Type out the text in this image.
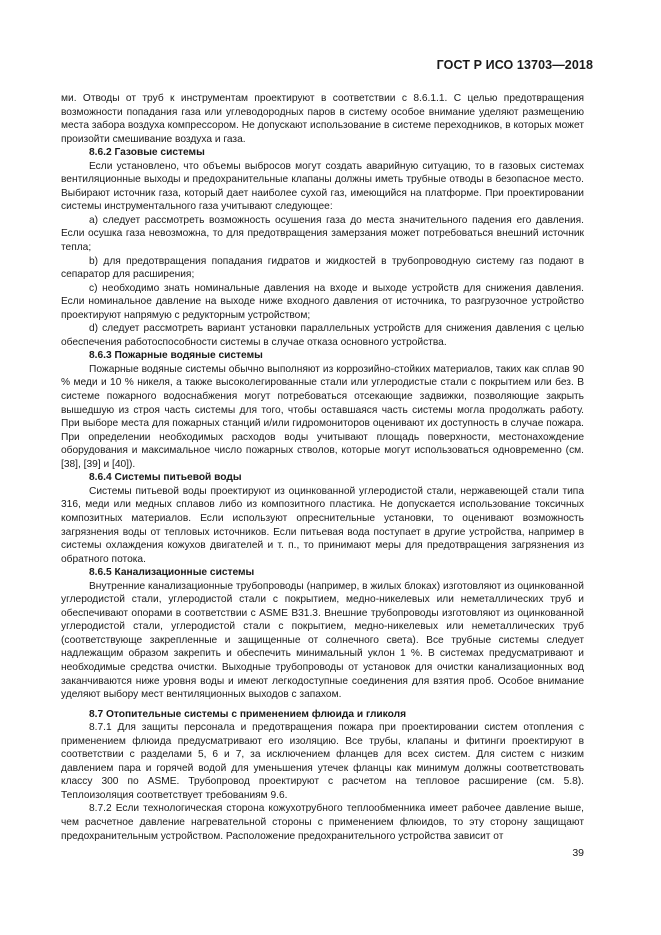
ГОСТ Р ИСО 13703—2018

ми. Отводы от труб к инструментам проектируют в соответствии с 8.6.1.1. С целью предотвращения возможности попадания газа или углеводородных паров в систему особое внимание уделяют размещению места забора воздуха компрессором. Не допускают использование в системе переходников, в которых может произойти смешивание воздуха и газа.

8.6.2 Газовые системы

Если установлено, что объемы выбросов могут создать аварийную ситуацию, то в газовых системах вентиляционные выходы и предохранительные клапаны должны иметь трубные отводы в безопасное место. Выбирают источник газа, который дает наиболее сухой газ, имеющийся на платформе. При проектировании системы инструментального газа учитывают следующее:

a) следует рассмотреть возможность осушения газа до места значительного падения его давления. Если осушка газа невозможна, то для предотвращения замерзания может потребоваться внешний источник тепла;

b) для предотвращения попадания гидратов и жидкостей в трубопроводную систему газ подают в сепаратор для расширения;

c) необходимо знать номинальные давления на входе и выходе устройств для снижения давления. Если номинальное давление на выходе ниже входного давления от источника, то разгрузочное устройство проектируют напрямую с редукторным устройством;

d) следует рассмотреть вариант установки параллельных устройств для снижения давления с целью обеспечения работоспособности системы в случае отказа основного устройства.

8.6.3 Пожарные водяные системы

Пожарные водяные системы обычно выполняют из коррозийно-стойких материалов, таких как сплав 90 % меди и 10 % никеля, а также высоколегированные стали или углеродистые стали с покрытием или без. В системе пожарного водоснабжения могут потребоваться отсекающие задвижки, позволяющие закрыть вышедшую из строя часть системы для того, чтобы оставшаяся часть системы могла продолжать работу. При выборе места для пожарных станций и/или гидромониторов оценивают их доступность в случае пожара. При определении необходимых расходов воды учитывают площадь поверхности, местонахождение оборудования и максимальное число пожарных стволов, которые могут использоваться одновременно (см. [38], [39] и [40]).

8.6.4 Системы питьевой воды

Системы питьевой воды проектируют из оцинкованной углеродистой стали, нержавеющей стали типа 316, меди или медных сплавов либо из композитного пластика. Не допускается использование токсичных композитных материалов. Если используют опреснительные установки, то оценивают возможность загрязнения воды от тепловых источников. Если питьевая вода поступает в другие устройства, например в системы охлаждения кожухов двигателей и т. п., то принимают меры для предотвращения загрязнения из обратного потока.

8.6.5 Канализационные системы

Внутренние канализационные трубопроводы (например, в жилых блоках) изготовляют из оцинкованной углеродистой стали, углеродистой стали с покрытием, медно-никелевых или неметаллических труб и обеспечивают опорами в соответствии с ASME B31.3. Внешние трубопроводы изготовляют из оцинкованной углеродистой стали, углеродистой стали с покрытием, медно-никелевых или неметаллических труб (соответствующе закрепленные и защищенные от солнечного света). Все трубные системы следует надлежащим образом закрепить и обеспечить минимальный уклон 1 %. В системах предусматривают и необходимые средства очистки. Выходные трубопроводы от установок для очистки канализационных вод заканчиваются ниже уровня воды и имеют легкодоступные соединения для взятия проб. Особое внимание уделяют выбору мест вентиляционных выходов с запахом.

8.7 Отопительные системы с применением флюида и гликоля

8.7.1 Для защиты персонала и предотвращения пожара при проектировании систем отопления с применением флюида предусматривают его изоляцию. Все трубы, клапаны и фитинги проектируют в соответствии с разделами 5, 6 и 7, за исключением фланцев для всех систем. Для систем с низким давлением пара и горячей водой для уменьшения утечек фланцы как минимум должны соответствовать классу 300 по ASME. Трубопровод проектируют с расчетом на тепловое расширение (см. 5.8). Теплоизоляция соответствует требованиям 9.6.

8.7.2 Если технологическая сторона кожухотрубного теплообменника имеет рабочее давление выше, чем расчетное давление нагревательной стороны с применением флюидов, то эту сторону защищают предохранительным устройством. Расположение предохранительного устройства зависит от

39
